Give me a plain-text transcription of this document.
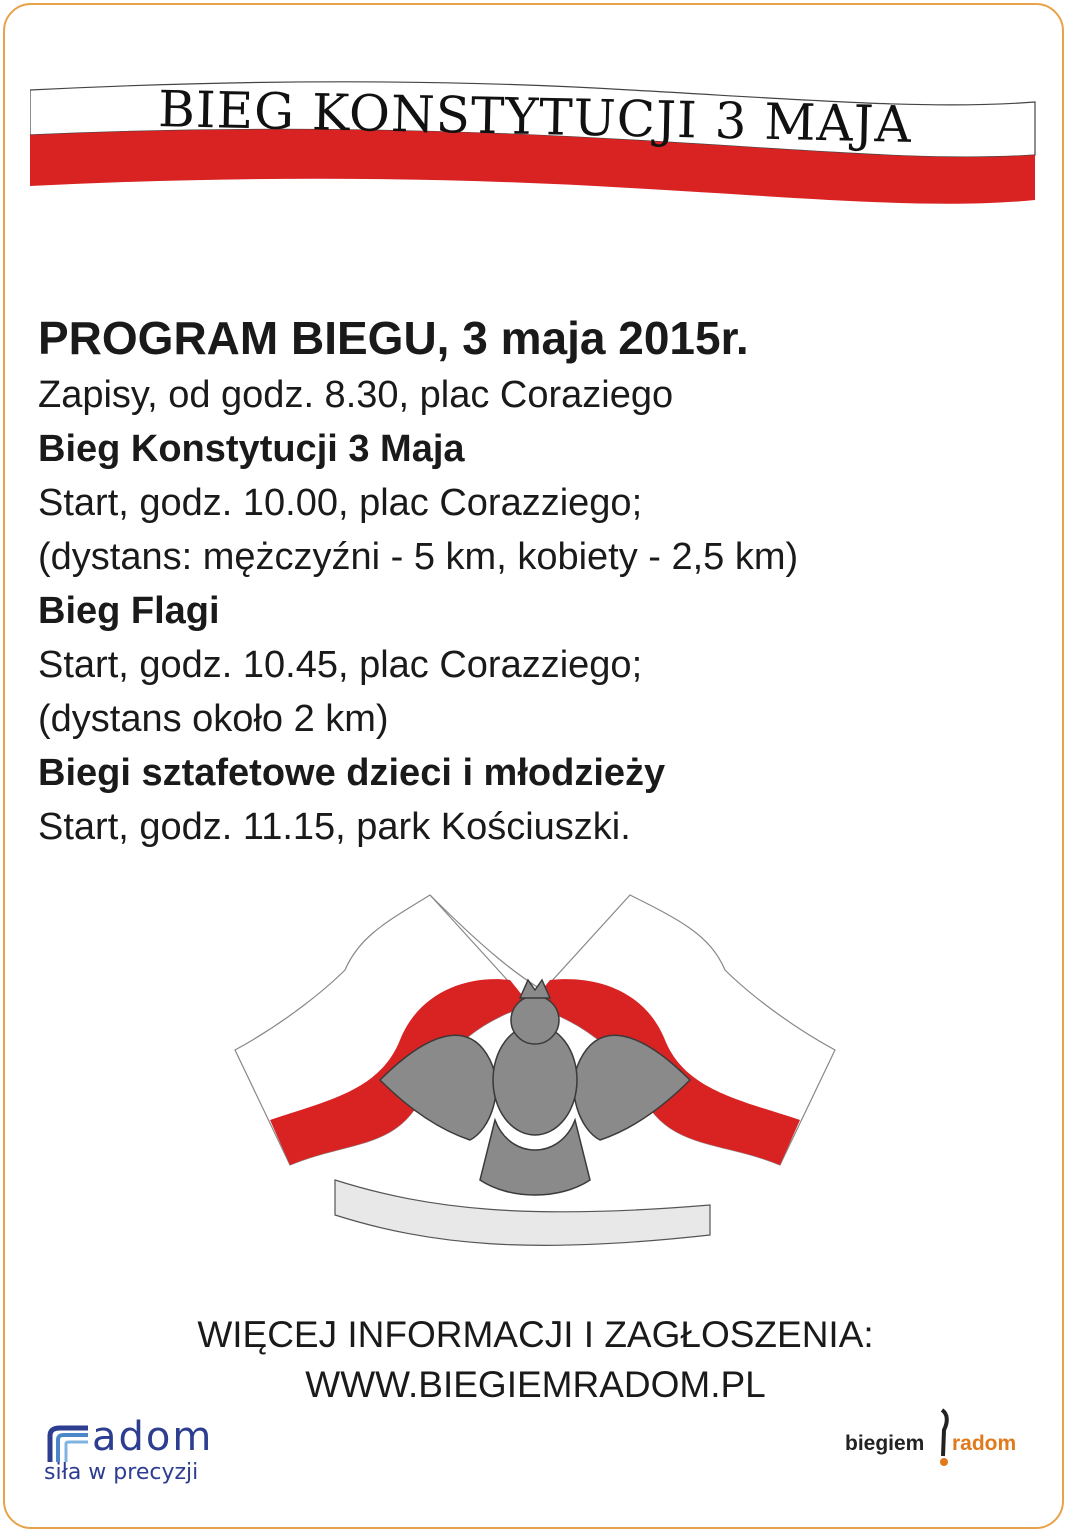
BIEG KONSTYTUCJI 3 MAJA
PROGRAM BIEGU, 3 maja 2015r.
Zapisy, od godz. 8.30, plac Coraziego
Bieg Konstytucji 3 Maja
Start, godz. 10.00, plac Corazziego;
(dystans: mężczyźni - 5 km, kobiety - 2,5 km)
Bieg Flagi
Start, godz. 10.45, plac Corazziego;
(dystans około 2 km)
Biegi sztafetowe dzieci i młodzieży
Start, godz. 11.15, park Kościuszki.
WIĘCEJ INFORMACJI I ZAGŁOSZENIA:
WWW.BIEGIEMRADOM.PL
adom
siła w precyzji
biegiem radom
